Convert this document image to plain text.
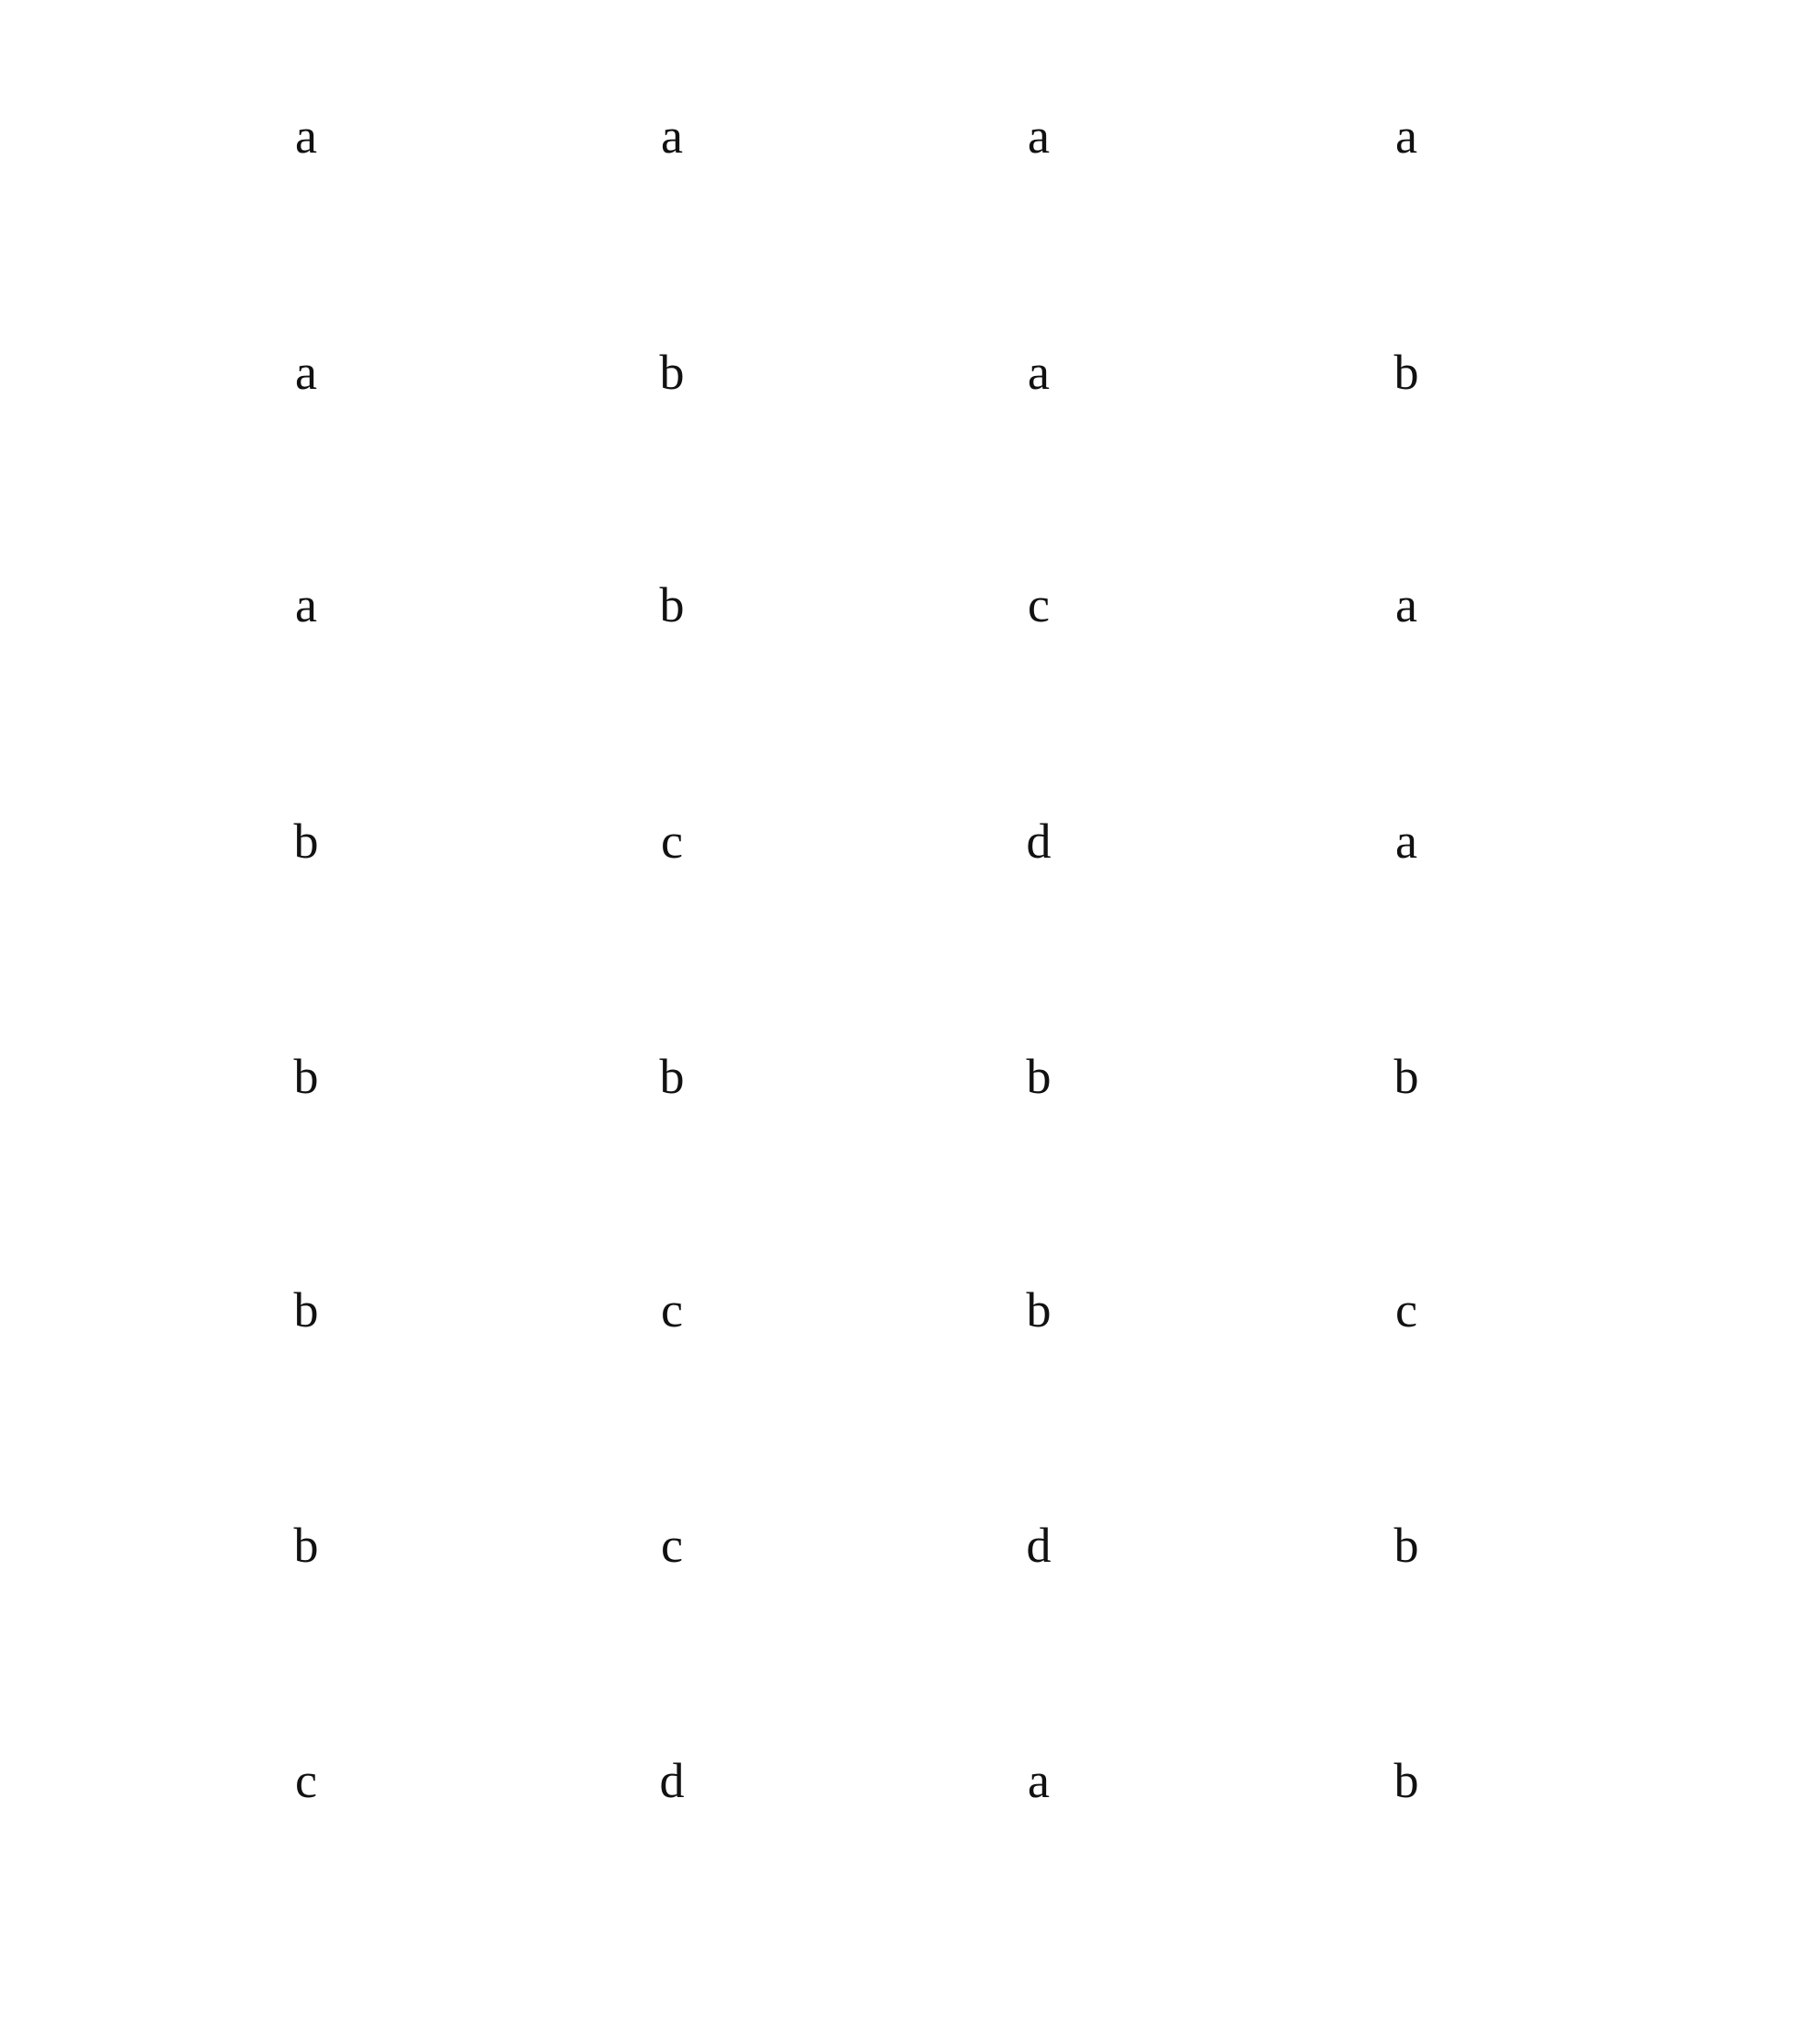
a	a	a	a
a	b	a	b
a	b	c	a
b	c	d	a
b	b	b	b
b	c	b	c
b	c	d	b
c	d	a	b
